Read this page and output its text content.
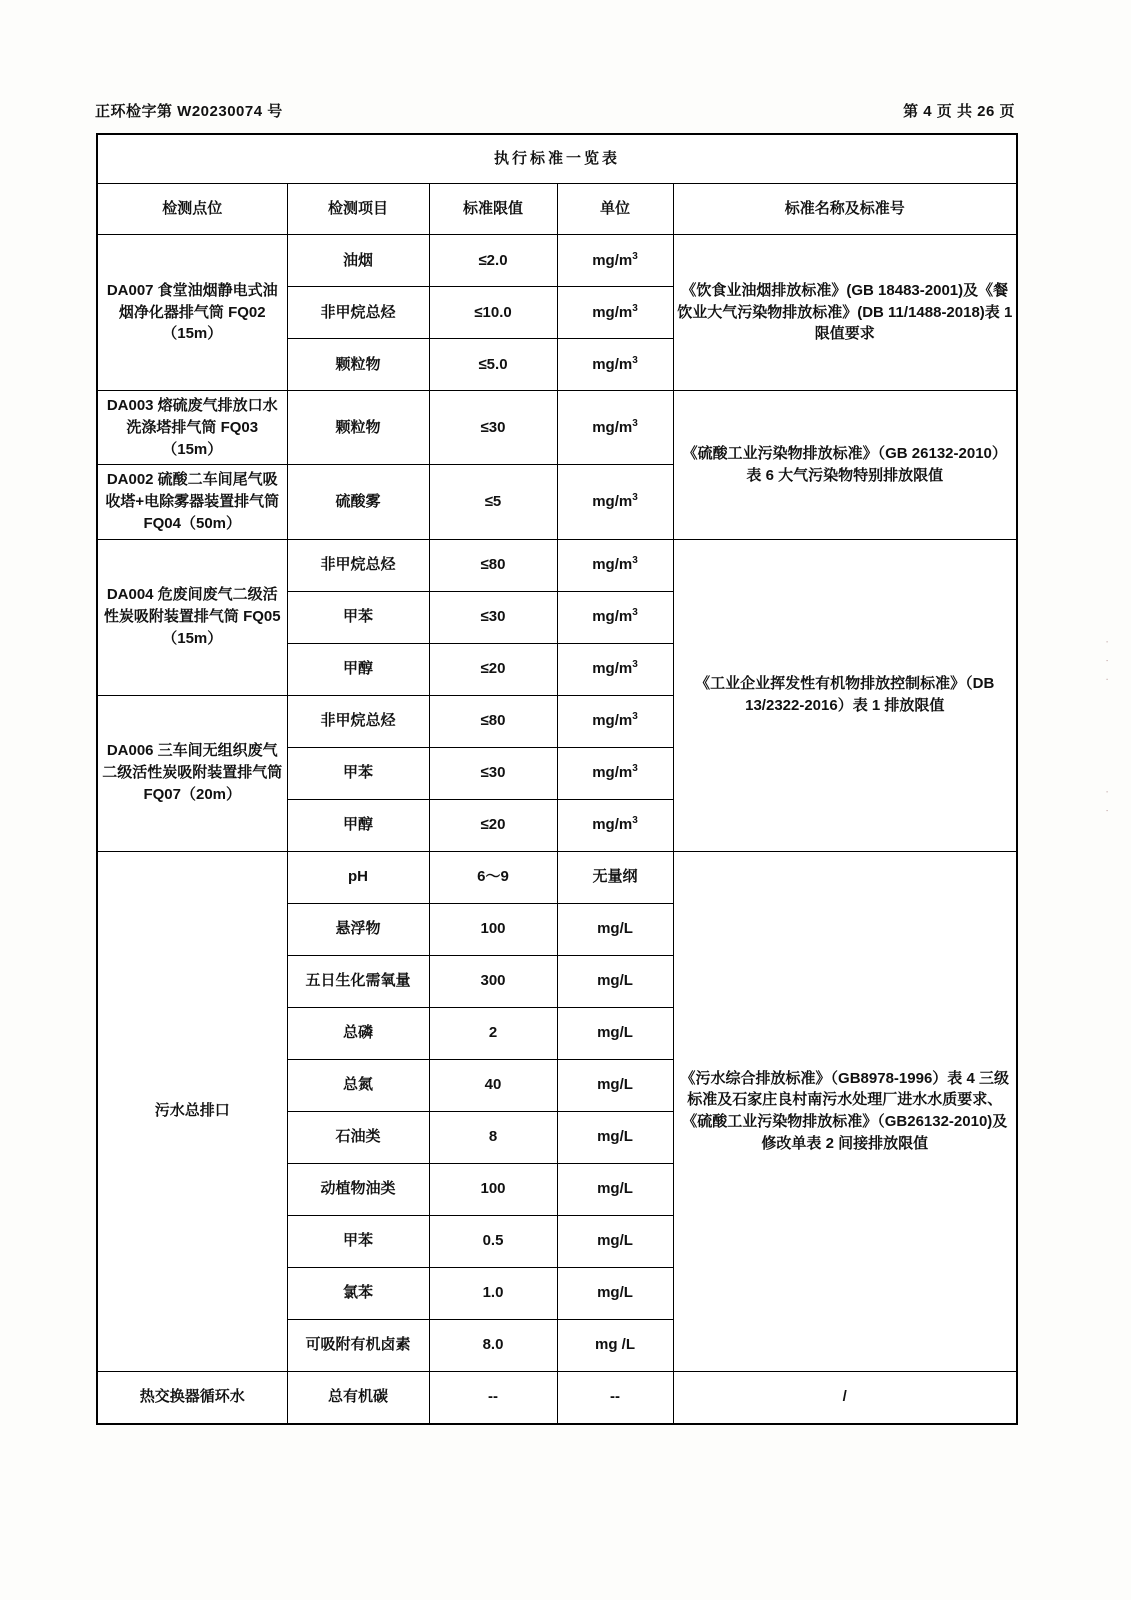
正环检字第 W20230074 号	第 4 页 共 26 页
· · ·
· ·
执行标准一览表				
检测点位	检测项目	标准限值	单位	标准名称及标准号
DA007 食堂油烟静电式油烟净化器排气筒 FQ02（15m）	油烟	≤2.0	$mg/m^3$	《饮食业油烟排放标准》(GB 18483-2001)及《餐饮业大气污染物排放标准》(DB 11/1488-2018)表 1 限值要求
	非甲烷总烃	≤10.0	$mg/m^3$
	颗粒物	≤5.0	$mg/m^3$
DA003 熔硫废气排放口水洗涤塔排气筒 FQ03（15m）	颗粒物	≤30	$mg/m^3$	《硫酸工业污染物排放标准》（GB 26132-2010）表 6 大气污染物特别排放限值
DA002 硫酸二车间尾气吸收塔+电除雾器装置排气筒 FQ04（50m）	硫酸雾	≤5	$mg/m^3$
DA004 危废间废气二级活性炭吸附装置排气筒 FQ05（15m）	非甲烷总烃	≤80	$mg/m^3$	《工业企业挥发性有机物排放控制标准》（DB 13/2322-2016）表 1 排放限值
	甲苯	≤30	$mg/m^3$
	甲醇	≤20	$mg/m^3$
DA006 三车间无组织废气二级活性炭吸附装置排气筒 FQ07（20m）	非甲烷总烃	≤80	$mg/m^3$
	甲苯	≤30	$mg/m^3$
	甲醇	≤20	$mg/m^3$
污水总排口	pH	6～9	无量纲	《污水综合排放标准》（GB8978-1996）表 4 三级标准及石家庄良村南污水处理厂进水水质要求、《硫酸工业污染物排放标准》（GB26132-2010)及修改单表 2 间接排放限值
	悬浮物	100	mg/L	
	五日生化需氧量	300	mg/L	
	总磷	2	mg/L	
	总氮	40	mg/L	
	石油类	8	mg/L	
	动植物油类	100	mg/L	
	甲苯	0.5	mg/L	
	氯苯	1.0	mg/L	
	可吸附有机卤素	8.0	mg /L	
热交换器循环水	总有机碳	--	--	/
